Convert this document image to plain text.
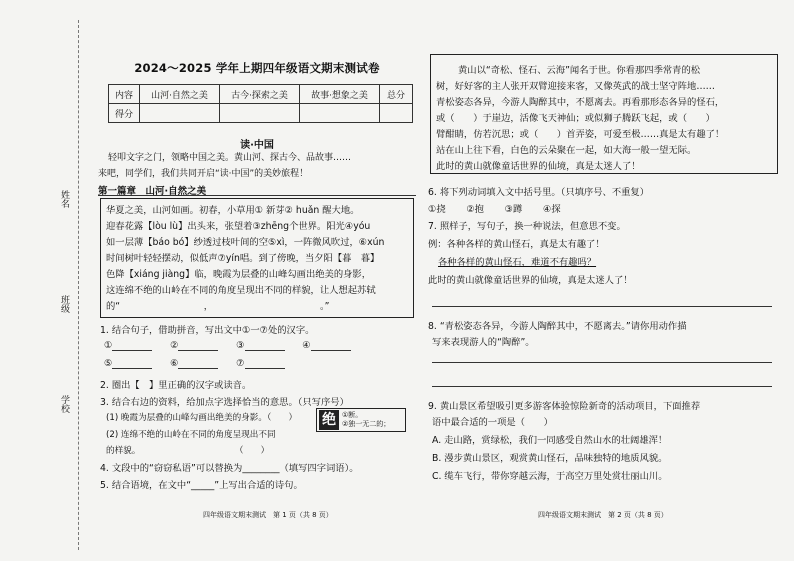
姓名
班级
学校
2024～2025 学年上期四年级语文期末测试卷
内容	山河·自然之美	古今·探索之美	故事·想象之美	总分
得分				
读·中国
轻叩文字之门，领略中国之美。黄山河、探古今、品故事……
来吧，同学们，我们共同开启“读·中国”的美妙旅程！
第一篇章　山河·自然之美
华夏之美，山河如画。初春，小草用① 新芽② huǎn 醒大地。
迎春花露【lòu lù】出头来，张望着③zhēng个世界。阳光④yóu
如一层薄【báo bó】纱透过枝叶间的空⑤xì，一阵微风吹过，⑥xún
时间树叶轻轻摆动，似低声⑦yín唱。到了傍晚，当夕阳【暮　暮】
色降【xiáng jiàng】临，晚霞为层叠的山峰勾画出绝美的身影，
这连绵不绝的山岭在不同的角度呈现出不同的样貌，让人想起苏轼
的“　　　　　　　　　，　　　　　　　　　　　　。”
1. 结合句子，借助拼音，写出文中①一⑦处的汉字。
①	②	③	④
⑤	⑥	⑦
2. 圈出【　】里正确的汉字或读音。
3. 结合右边的资料，给加点字选择恰当的意思。（只写序号）
(1) 晚霞为层叠的山峰勾画出绝美的身影。（　　）
(2) 连绵不绝的山岭在不同的角度呈现出不同
的样貌。　　　　　　　　　　　　（　　）
绝 ①断。
②独一无二的；

4. 文段中的“窃窃私语”可以替换为________（填写四字词语）。
5. 结合语境，在文中“_____”上写出合适的诗句。
四年级语文期末测试　第 1 页（共 8 页）
黄山以“奇松、怪石、云海”闻名于世。你看那四季常青的松
树，好好客的主人张开双臂迎接来客，又像英武的战士坚守阵地……
青松姿态各异，今游人陶醉其中，不愿离去。再看那形态各异的怪石，
或（　　）于崖边，活像飞天神仙；或似狮子腾跃飞起，或（　　）
臂酣睛，仿若沉思；或（　　）首弄姿，可爱至极……真是太有趣了！
站在山上往下看，白色的云朵聚在一起，如大海一般一望无际。
此时的黄山就像童话世界的仙境，真是太迷人了！
6. 将下列动词填入文中括号里。（只填序号、不重复）
①挠 ②抱 ③蹲 ④探
7. 照样子，写句子，换一种说法，但意思不变。
例：各种各样的黄山怪石，真是太有趣了！
各种各样的黄山怪石，难道不有趣吗？
此时的黄山就像童话世界的仙境，真是太迷人了！
8. “青松姿态各异，今游人陶醉其中，不愿离去。”请你用动作描
写来表现游人的“陶醉”。
9. 黄山景区希望吸引更多游客体验惊险新奇的活动项目，下面推荐
语中最合适的一项是（　　）
A. 走山路，赏绿松，我们一同感受自然山水的壮阔雄浑！
B. 漫步黄山景区，观赏黄山怪石，品味独特的地质风貌。
C. 缆车飞行，带你穿越云海，于高空万里处赏壮丽山川。
四年级语文期末测试　第 2 页（共 8 页）
